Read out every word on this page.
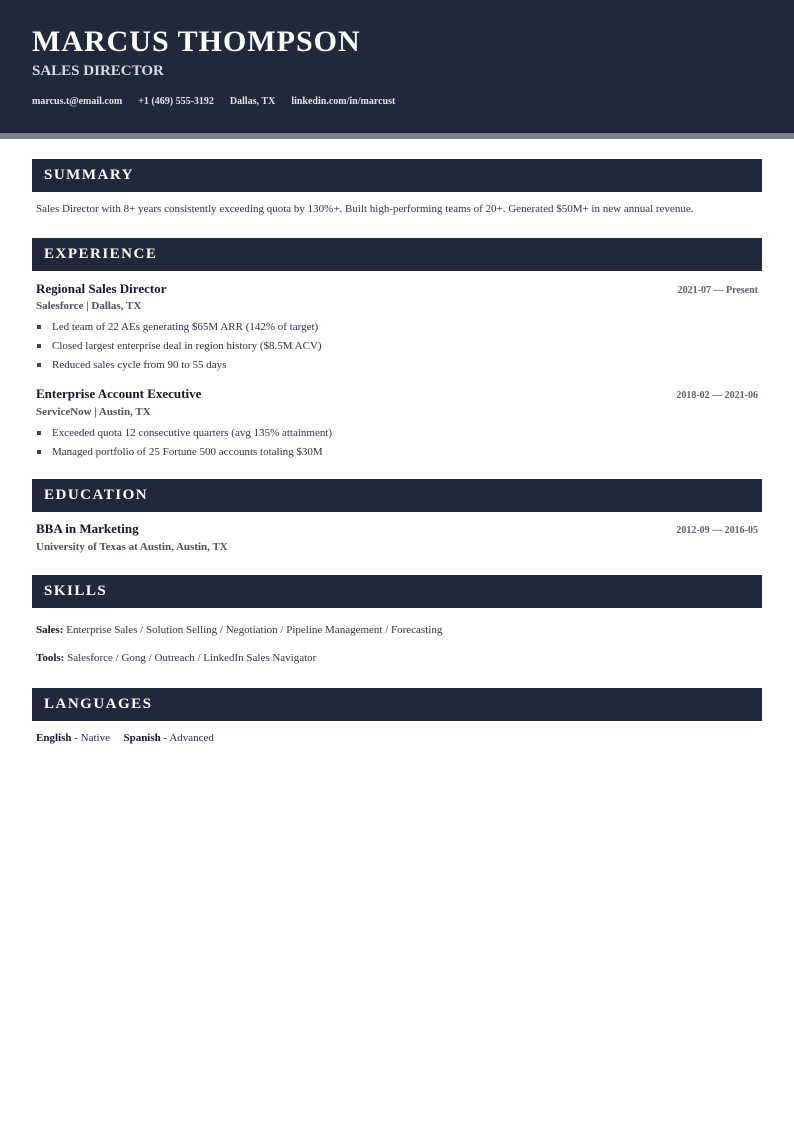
MARCUS THOMPSON
SALES DIRECTOR
marcus.t@email.com +1 (469) 555-3192 Dallas, TX linkedin.com/in/marcust
SUMMARY
Sales Director with 8+ years consistently exceeding quota by 130%+. Built high-performing teams of 20+. Generated $50M+ in new annual revenue.
EXPERIENCE
Regional Sales Director	2021-07 — Present
Salesforce | Dallas, TX
Led team of 22 AEs generating $65M ARR (142% of target)
Closed largest enterprise deal in region history ($8.5M ACV)
Reduced sales cycle from 90 to 55 days
Enterprise Account Executive	2018-02 — 2021-06
ServiceNow | Austin, TX
Exceeded quota 12 consecutive quarters (avg 135% attainment)
Managed portfolio of 25 Fortune 500 accounts totaling $30M
EDUCATION
BBA in Marketing	2012-09 — 2016-05
University of Texas at Austin, Austin, TX
SKILLS
Sales: Enterprise Sales / Solution Selling / Negotiation / Pipeline Management / Forecasting
Tools: Salesforce / Gong / Outreach / LinkedIn Sales Navigator
LANGUAGES
English - Native Spanish - Advanced
